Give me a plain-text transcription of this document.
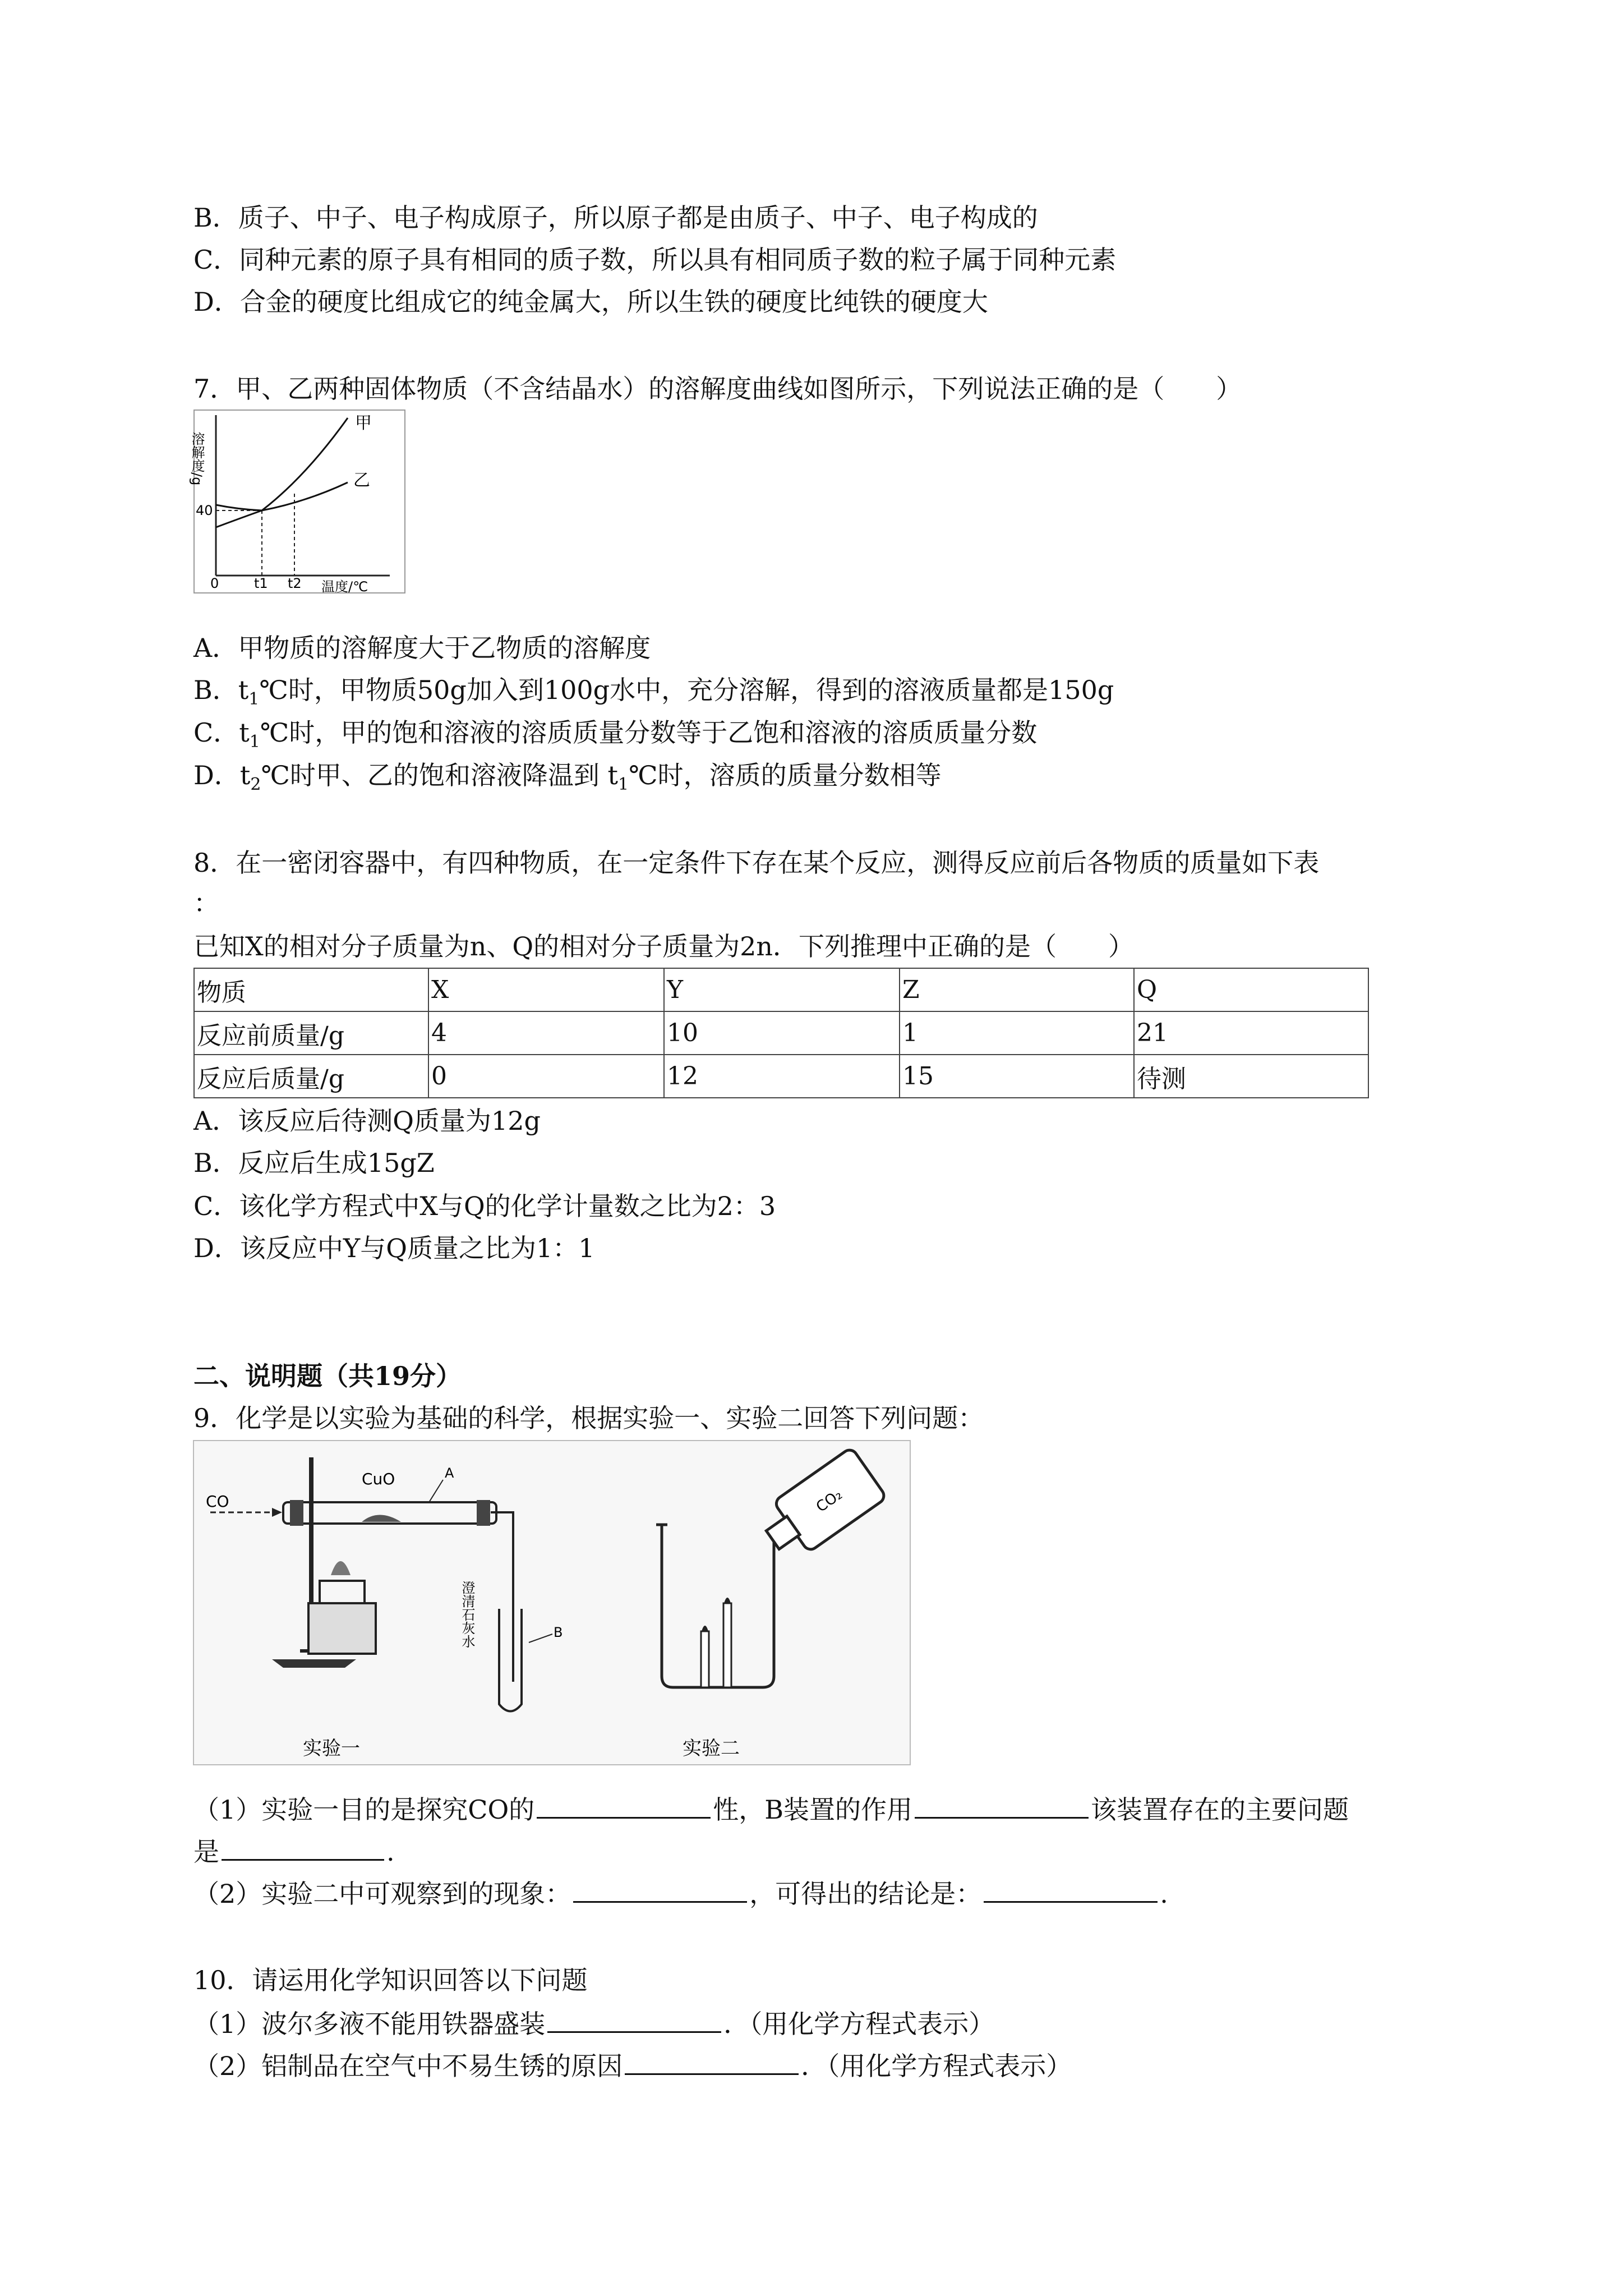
B．质子、中子、电子构成原子，所以原子都是由质子、中子、电子构成的
C．同种元素的原子具有相同的质子数，所以具有相同质子数的粒子属于同种元素
D．合金的硬度比组成它的纯金属大，所以生铁的硬度比纯铁的硬度大
7．甲、乙两种固体物质（不含结晶水）的溶解度曲线如图所示，下列说法正确的是（　　）
溶解度/g
40
0	t1 t2 温度/℃
甲
乙
A．甲物质的溶解度大于乙物质的溶解度
B．$t_1℃$时，甲物质50g加入到100g水中，充分溶解，得到的溶液质量都是150g
C．$t_1℃$时，甲的饱和溶液的溶质质量分数等于乙饱和溶液的溶质质量分数
D．$t_2℃$时甲、乙的饱和溶液降温到 $t_1℃$时，溶质的质量分数相等
8．在一密闭容器中，有四种物质，在一定条件下存在某个反应，测得反应前后各物质的质量如下表
：
已知X的相对分子质量为n、Q的相对分子质量为2n．下列推理中正确的是（　　）
物质	X	Y	Z	Q
反应前质量/g	4	10	1	21
反应后质量/g	0	12	15	待测
A．该反应后待测Q质量为12g
B．反应后生成15gZ
C．该化学方程式中X与Q的化学计量数之比为2：3
D．该反应中Y与Q质量之比为1：1
二、说明题（共19分）
9．化学是以实验为基础的科学，根据实验一、实验二回答下列问题：
CO
CuO	A
B
澄清石灰水
实验一
CO₂
实验二
（1）实验一目的是探究CO的	性，B装置的作用	该装置存在的主要问题
是	.
（2）实验二中可观察到的现象：	，可得出的结论是：	.
10．请运用化学知识回答以下问题
（1）波尔多液不能用铁器盛装	．（用化学方程式表示）
（2）铝制品在空气中不易生锈的原因	．（用化学方程式表示）
